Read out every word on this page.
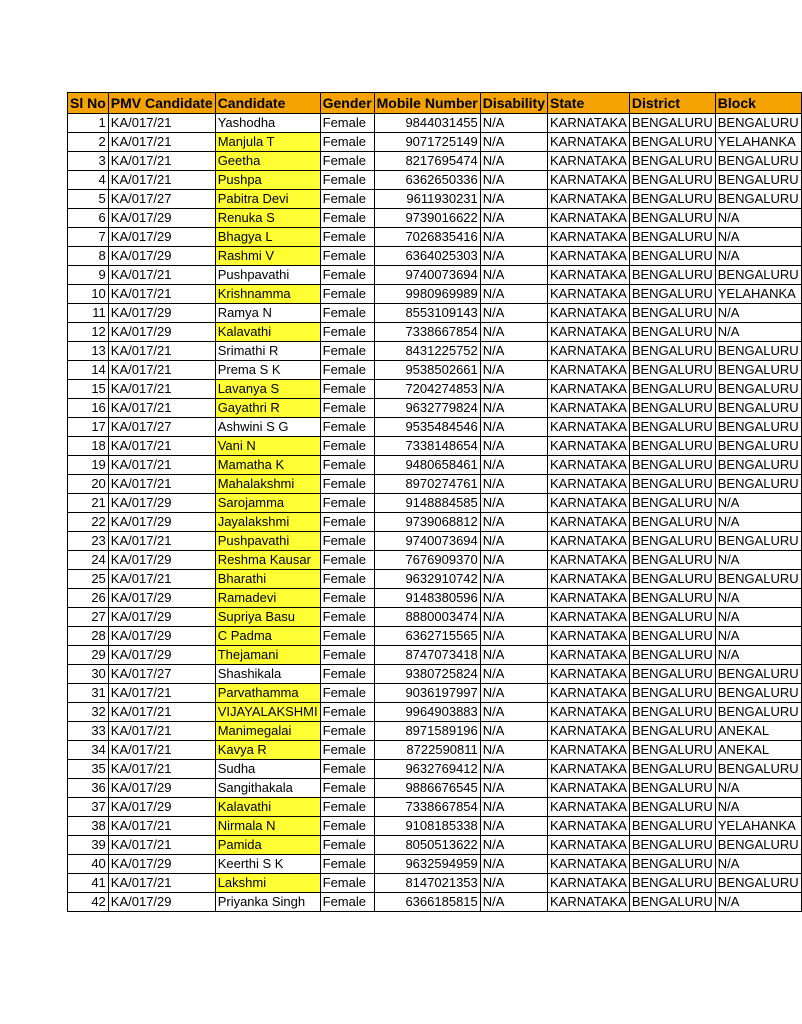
Sl No	PMV Candidate	Candidate	Gender	Mobile Number	Disability	State	District	Block
1	KA/017/21	Yashodha	Female	9844031455	N/A	KARNATAKA	BENGALURU	BENGALURU
2	KA/017/21	Manjula T	Female	9071725149	N/A	KARNATAKA	BENGALURU	YELAHANKA
3	KA/017/21	Geetha	Female	8217695474	N/A	KARNATAKA	BENGALURU	BENGALURU
4	KA/017/21	Pushpa	Female	6362650336	N/A	KARNATAKA	BENGALURU	BENGALURU
5	KA/017/27	Pabitra Devi	Female	9611930231	N/A	KARNATAKA	BENGALURU	BENGALURU
6	KA/017/29	Renuka S	Female	9739016622	N/A	KARNATAKA	BENGALURU	N/A
7	KA/017/29	Bhagya L	Female	7026835416	N/A	KARNATAKA	BENGALURU	N/A
8	KA/017/29	Rashmi V	Female	6364025303	N/A	KARNATAKA	BENGALURU	N/A
9	KA/017/21	Pushpavathi	Female	9740073694	N/A	KARNATAKA	BENGALURU	BENGALURU
10	KA/017/21	Krishnamma	Female	9980969989	N/A	KARNATAKA	BENGALURU	YELAHANKA
11	KA/017/29	Ramya N	Female	8553109143	N/A	KARNATAKA	BENGALURU	N/A
12	KA/017/29	Kalavathi	Female	7338667854	N/A	KARNATAKA	BENGALURU	N/A
13	KA/017/21	Srimathi R	Female	8431225752	N/A	KARNATAKA	BENGALURU	BENGALURU
14	KA/017/21	Prema S K	Female	9538502661	N/A	KARNATAKA	BENGALURU	BENGALURU
15	KA/017/21	Lavanya S	Female	7204274853	N/A	KARNATAKA	BENGALURU	BENGALURU
16	KA/017/21	Gayathri R	Female	9632779824	N/A	KARNATAKA	BENGALURU	BENGALURU
17	KA/017/27	Ashwini S G	Female	9535484546	N/A	KARNATAKA	BENGALURU	BENGALURU
18	KA/017/21	Vani N	Female	7338148654	N/A	KARNATAKA	BENGALURU	BENGALURU
19	KA/017/21	Mamatha K	Female	9480658461	N/A	KARNATAKA	BENGALURU	BENGALURU
20	KA/017/21	Mahalakshmi	Female	8970274761	N/A	KARNATAKA	BENGALURU	BENGALURU
21	KA/017/29	Sarojamma	Female	9148884585	N/A	KARNATAKA	BENGALURU	N/A
22	KA/017/29	Jayalakshmi	Female	9739068812	N/A	KARNATAKA	BENGALURU	N/A
23	KA/017/21	Pushpavathi	Female	9740073694	N/A	KARNATAKA	BENGALURU	BENGALURU
24	KA/017/29	Reshma Kausar	Female	7676909370	N/A	KARNATAKA	BENGALURU	N/A
25	KA/017/21	Bharathi	Female	9632910742	N/A	KARNATAKA	BENGALURU	BENGALURU
26	KA/017/29	Ramadevi	Female	9148380596	N/A	KARNATAKA	BENGALURU	N/A
27	KA/017/29	Supriya Basu	Female	8880003474	N/A	KARNATAKA	BENGALURU	N/A
28	KA/017/29	C Padma	Female	6362715565	N/A	KARNATAKA	BENGALURU	N/A
29	KA/017/29	Thejamani	Female	8747073418	N/A	KARNATAKA	BENGALURU	N/A
30	KA/017/27	Shashikala	Female	9380725824	N/A	KARNATAKA	BENGALURU	BENGALURU
31	KA/017/21	Parvathamma	Female	9036197997	N/A	KARNATAKA	BENGALURU	BENGALURU
32	KA/017/21	VIJAYALAKSHMI	Female	9964903883	N/A	KARNATAKA	BENGALURU	BENGALURU
33	KA/017/21	Manimegalai	Female	8971589196	N/A	KARNATAKA	BENGALURU	ANEKAL
34	KA/017/21	Kavya R	Female	8722590811	N/A	KARNATAKA	BENGALURU	ANEKAL
35	KA/017/21	Sudha	Female	9632769412	N/A	KARNATAKA	BENGALURU	BENGALURU
36	KA/017/29	Sangithakala	Female	9886676545	N/A	KARNATAKA	BENGALURU	N/A
37	KA/017/29	Kalavathi	Female	7338667854	N/A	KARNATAKA	BENGALURU	N/A
38	KA/017/21	Nirmala N	Female	9108185338	N/A	KARNATAKA	BENGALURU	YELAHANKA
39	KA/017/21	Pamida	Female	8050513622	N/A	KARNATAKA	BENGALURU	BENGALURU
40	KA/017/29	Keerthi S K	Female	9632594959	N/A	KARNATAKA	BENGALURU	N/A
41	KA/017/21	Lakshmi	Female	8147021353	N/A	KARNATAKA	BENGALURU	BENGALURU
42	KA/017/29	Priyanka Singh	Female	6366185815	N/A	KARNATAKA	BENGALURU	N/A
